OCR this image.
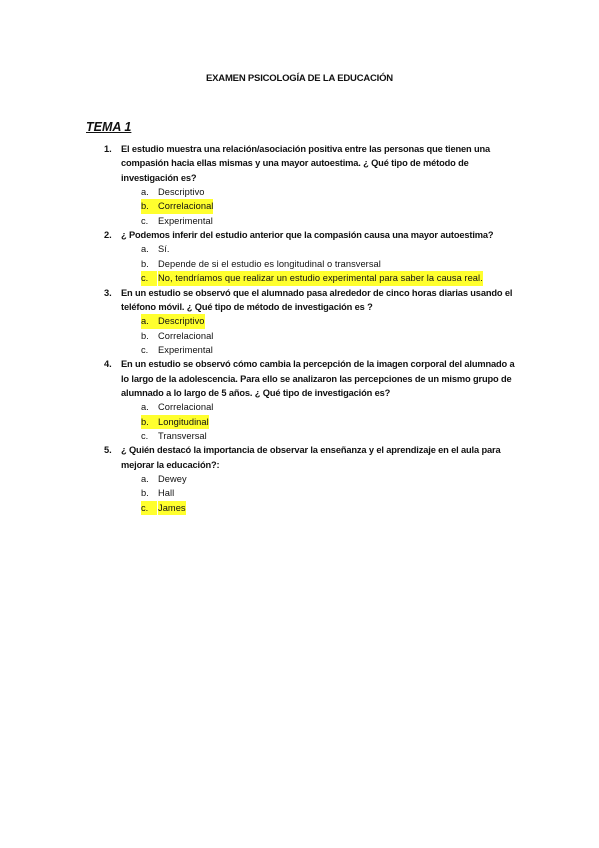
EXAMEN PSICOLOGÍA DE LA EDUCACIÓN
TEMA 1
1. El estudio muestra una relación/asociación positiva entre las personas que tienen una compasión hacia ellas mismas y una mayor autoestima. ¿ Qué tipo de método de investigación es?
a. Descriptivo
b. Correlacional
c. Experimental
2. ¿ Podemos inferir del estudio anterior que la compasión causa una mayor autoestima?
a. Sí.
b. Depende de si el estudio es longitudinal o transversal
c.	No, tendríamos que realizar un estudio experimental para saber la causa real.
3. En un estudio se observó que el alumnado pasa alrededor de cinco horas diarias usando el teléfono móvil. ¿ Qué tipo de método de investigación es ?
a. Descriptivo
b. Correlacional
c. Experimental
4. En un estudio se observó cómo cambia la percepción de la imagen corporal del alumnado a lo largo de la adolescencia. Para ello se analizaron las percepciones de un mismo grupo de alumnado a lo largo de 5 años. ¿ Qué tipo de investigación es?
a. Correlacional
b. Longitudinal
c. Transversal
5. ¿ Quién destacó la importancia de observar la enseñanza y el aprendizaje en el aula para mejorar la educación?:
a. Dewey
b. Hall
c.	James
